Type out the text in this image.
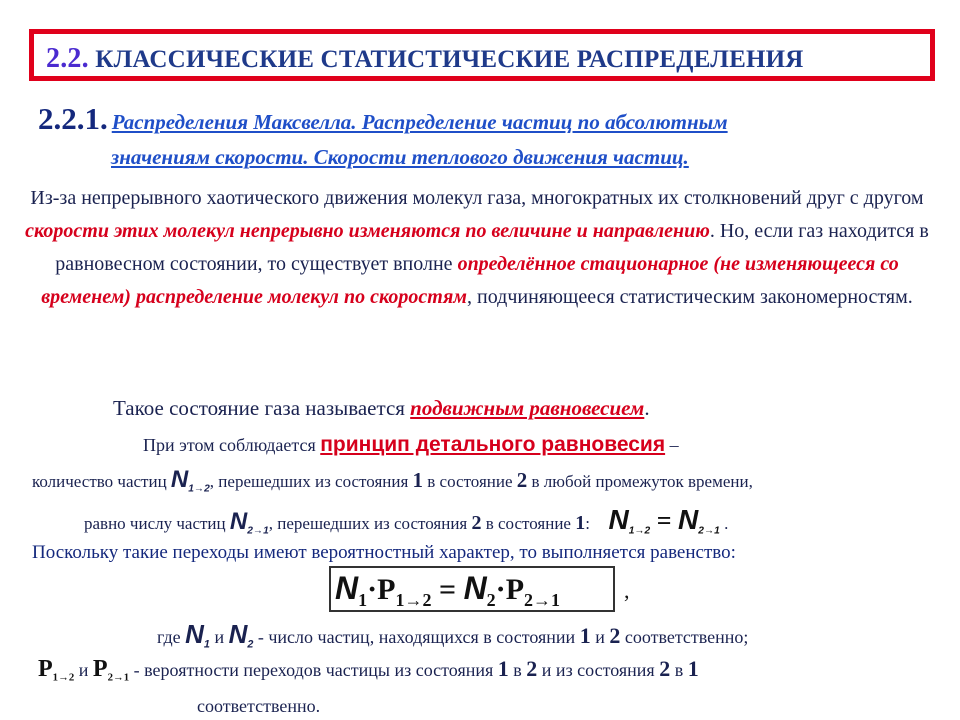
2.2. КЛАССИЧЕСКИЕ СТАТИСТИЧЕСКИЕ РАСПРЕДЕЛЕНИЯ
2.2.1. Распределения Максвелла. Распределение частиц по абсолютным
значениям скорости. Скорости теплового движения частиц.
Из-за непрерывного хаотического движения молекул газа, многократных их столкновений друг с другом скорости этих молекул непрерывно изменяются по величине и направлению. Но, если газ находится в равновесном состоянии, то существует вполне определённое стационарное (не изменяющееся со временем) распределение молекул по скоростям, подчиняющееся статистическим закономерностям.
Такое состояние газа называется подвижным равновесием.
При этом соблюдается принцип детального равновесия –
количество частиц $N_{1\to 2}$, перешедших из состояния 1 в состояние 2 в любой промежуток времени,
равно числу частиц $N_{2\to 1}$, перешедших из состояния 2 в состояние 1: $N_{1\to 2} = N_{2\to 1}$ .
Поскольку такие переходы имеют вероятностный характер, то выполняется равенство:
$N_1\cdot P_{1\to 2} = N_2\cdot P_{2\to 1}$	,
где $N_1$ и $N_2$ - число частиц, находящихся в состоянии 1 и 2 соответственно;
$P_{1\to 2}$ и $P_{2\to 1}$ - вероятности переходов частицы из состояния 1 в 2 и из состояния 2 в 1
соответственно.
